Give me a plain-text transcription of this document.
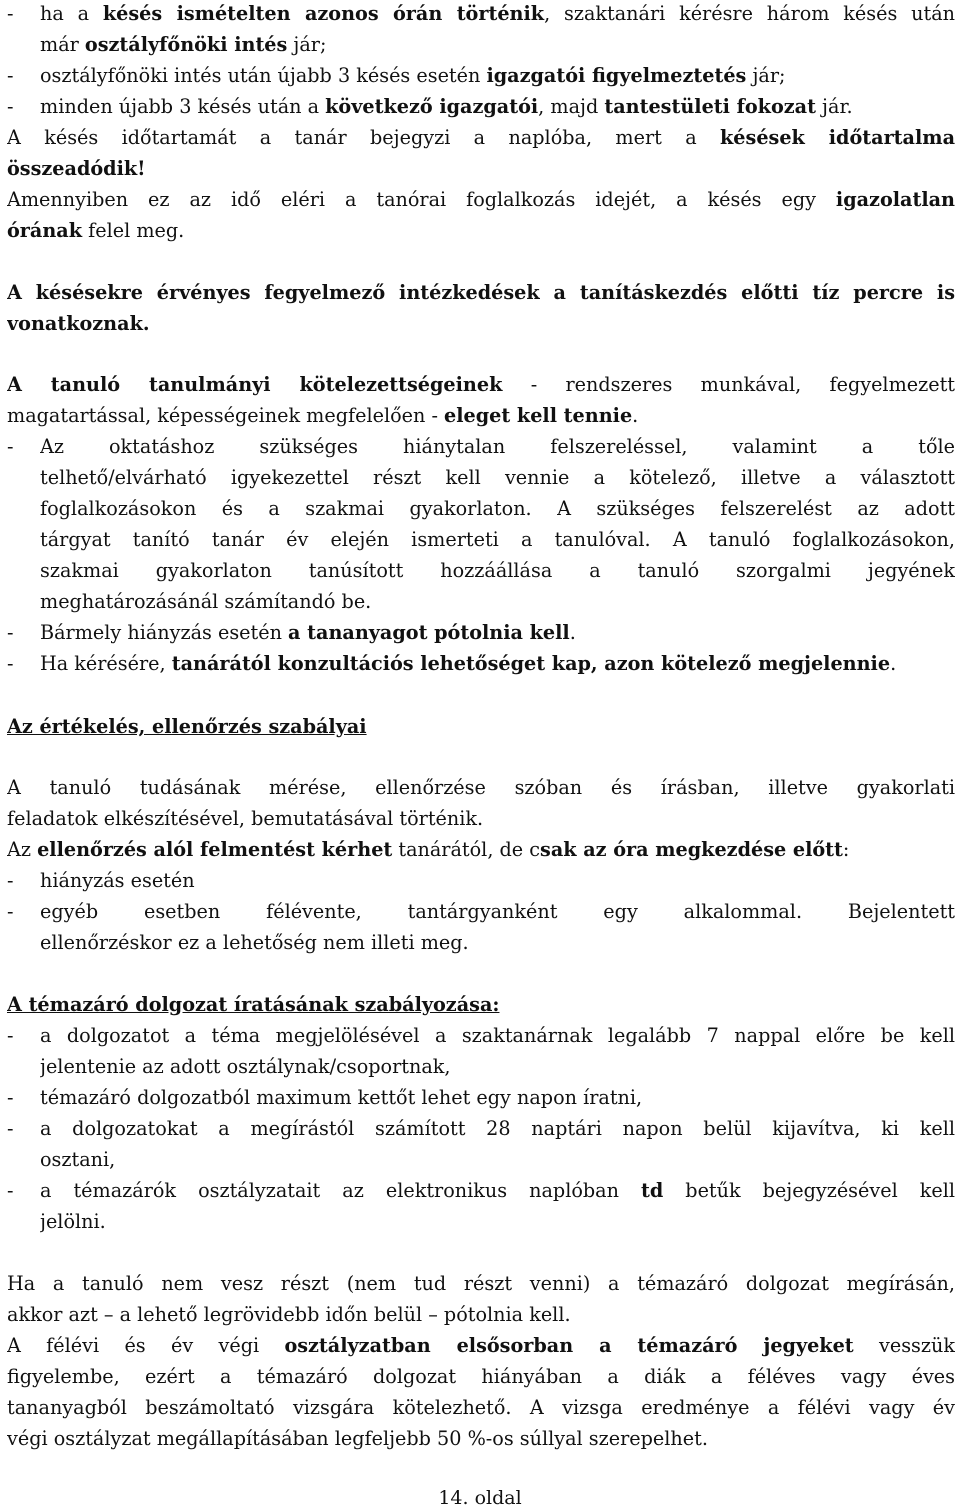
-	ha a késés ismételten azonos órán történik, szaktanári kérésre három késés után
már osztályfőnöki intés jár;
-	osztályfőnöki intés után újabb 3 késés esetén igazgatói figyelmeztetés jár;
-	minden újabb 3 késés után a következő igazgatói, majd tantestületi fokozat jár.
A késés időtartamát a tanár bejegyzi a naplóba, mert a késések időtartalma
összeadódik!
Amennyiben ez az idő eléri a tanórai foglalkozás idejét, a késés egy igazolatlan
órának felel meg.
A késésekre érvényes fegyelmező intézkedések a tanításkezdés előtti tíz percre is
vonatkoznak.
A tanuló tanulmányi kötelezettségeinek - rendszeres munkával, fegyelmezett
magatartással, képességeinek megfelelően - eleget kell tennie.
-	Az oktatáshoz szükséges hiánytalan felszereléssel, valamint a tőle
telhető/elvárható igyekezettel részt kell vennie a kötelező, illetve a választott
foglalkozásokon és a szakmai gyakorlaton. A szükséges felszerelést az adott
tárgyat tanító tanár év elején ismerteti a tanulóval. A tanuló foglalkozásokon,
szakmai gyakorlaton tanúsított hozzáállása a tanuló szorgalmi jegyének
meghatározásánál számítandó be.
-	Bármely hiányzás esetén a tananyagot pótolnia kell.
-	Ha kérésére, tanárától konzultációs lehetőséget kap, azon kötelező megjelennie.
Az értékelés, ellenőrzés szabályai
A tanuló tudásának mérése, ellenőrzése szóban és írásban, illetve gyakorlati
feladatok elkészítésével, bemutatásával történik.
Az ellenőrzés alól felmentést kérhet tanárától, de csak az óra megkezdése előtt:
-	hiányzás esetén
-	egyéb esetben félévente, tantárgyanként egy alkalommal. Bejelentett
ellenőrzéskor ez a lehetőség nem illeti meg.
A témazáró dolgozat íratásának szabályozása:
-	a dolgozatot a téma megjelölésével a szaktanárnak legalább 7 nappal előre be kell
jelentenie az adott osztálynak/csoportnak,
-	témazáró dolgozatból maximum kettőt lehet egy napon íratni,
-	a dolgozatokat a megírástól számított 28 naptári napon belül kijavítva, ki kell
osztani,
-	a témazárók osztályzatait az elektronikus naplóban td betűk bejegyzésével kell
jelölni.
Ha a tanuló nem vesz részt (nem tud részt venni) a témazáró dolgozat megírásán,
akkor azt – a lehető legrövidebb időn belül – pótolnia kell.
A félévi és év végi osztályzatban elsősorban a témazáró jegyeket vesszük
figyelembe, ezért a témazáró dolgozat hiányában a diák a féléves vagy éves
tananyagból beszámoltató vizsgára kötelezhető. A vizsga eredménye a félévi vagy év
végi osztályzat megállapításában legfeljebb 50 %-os súllyal szerepelhet.
14. oldal
